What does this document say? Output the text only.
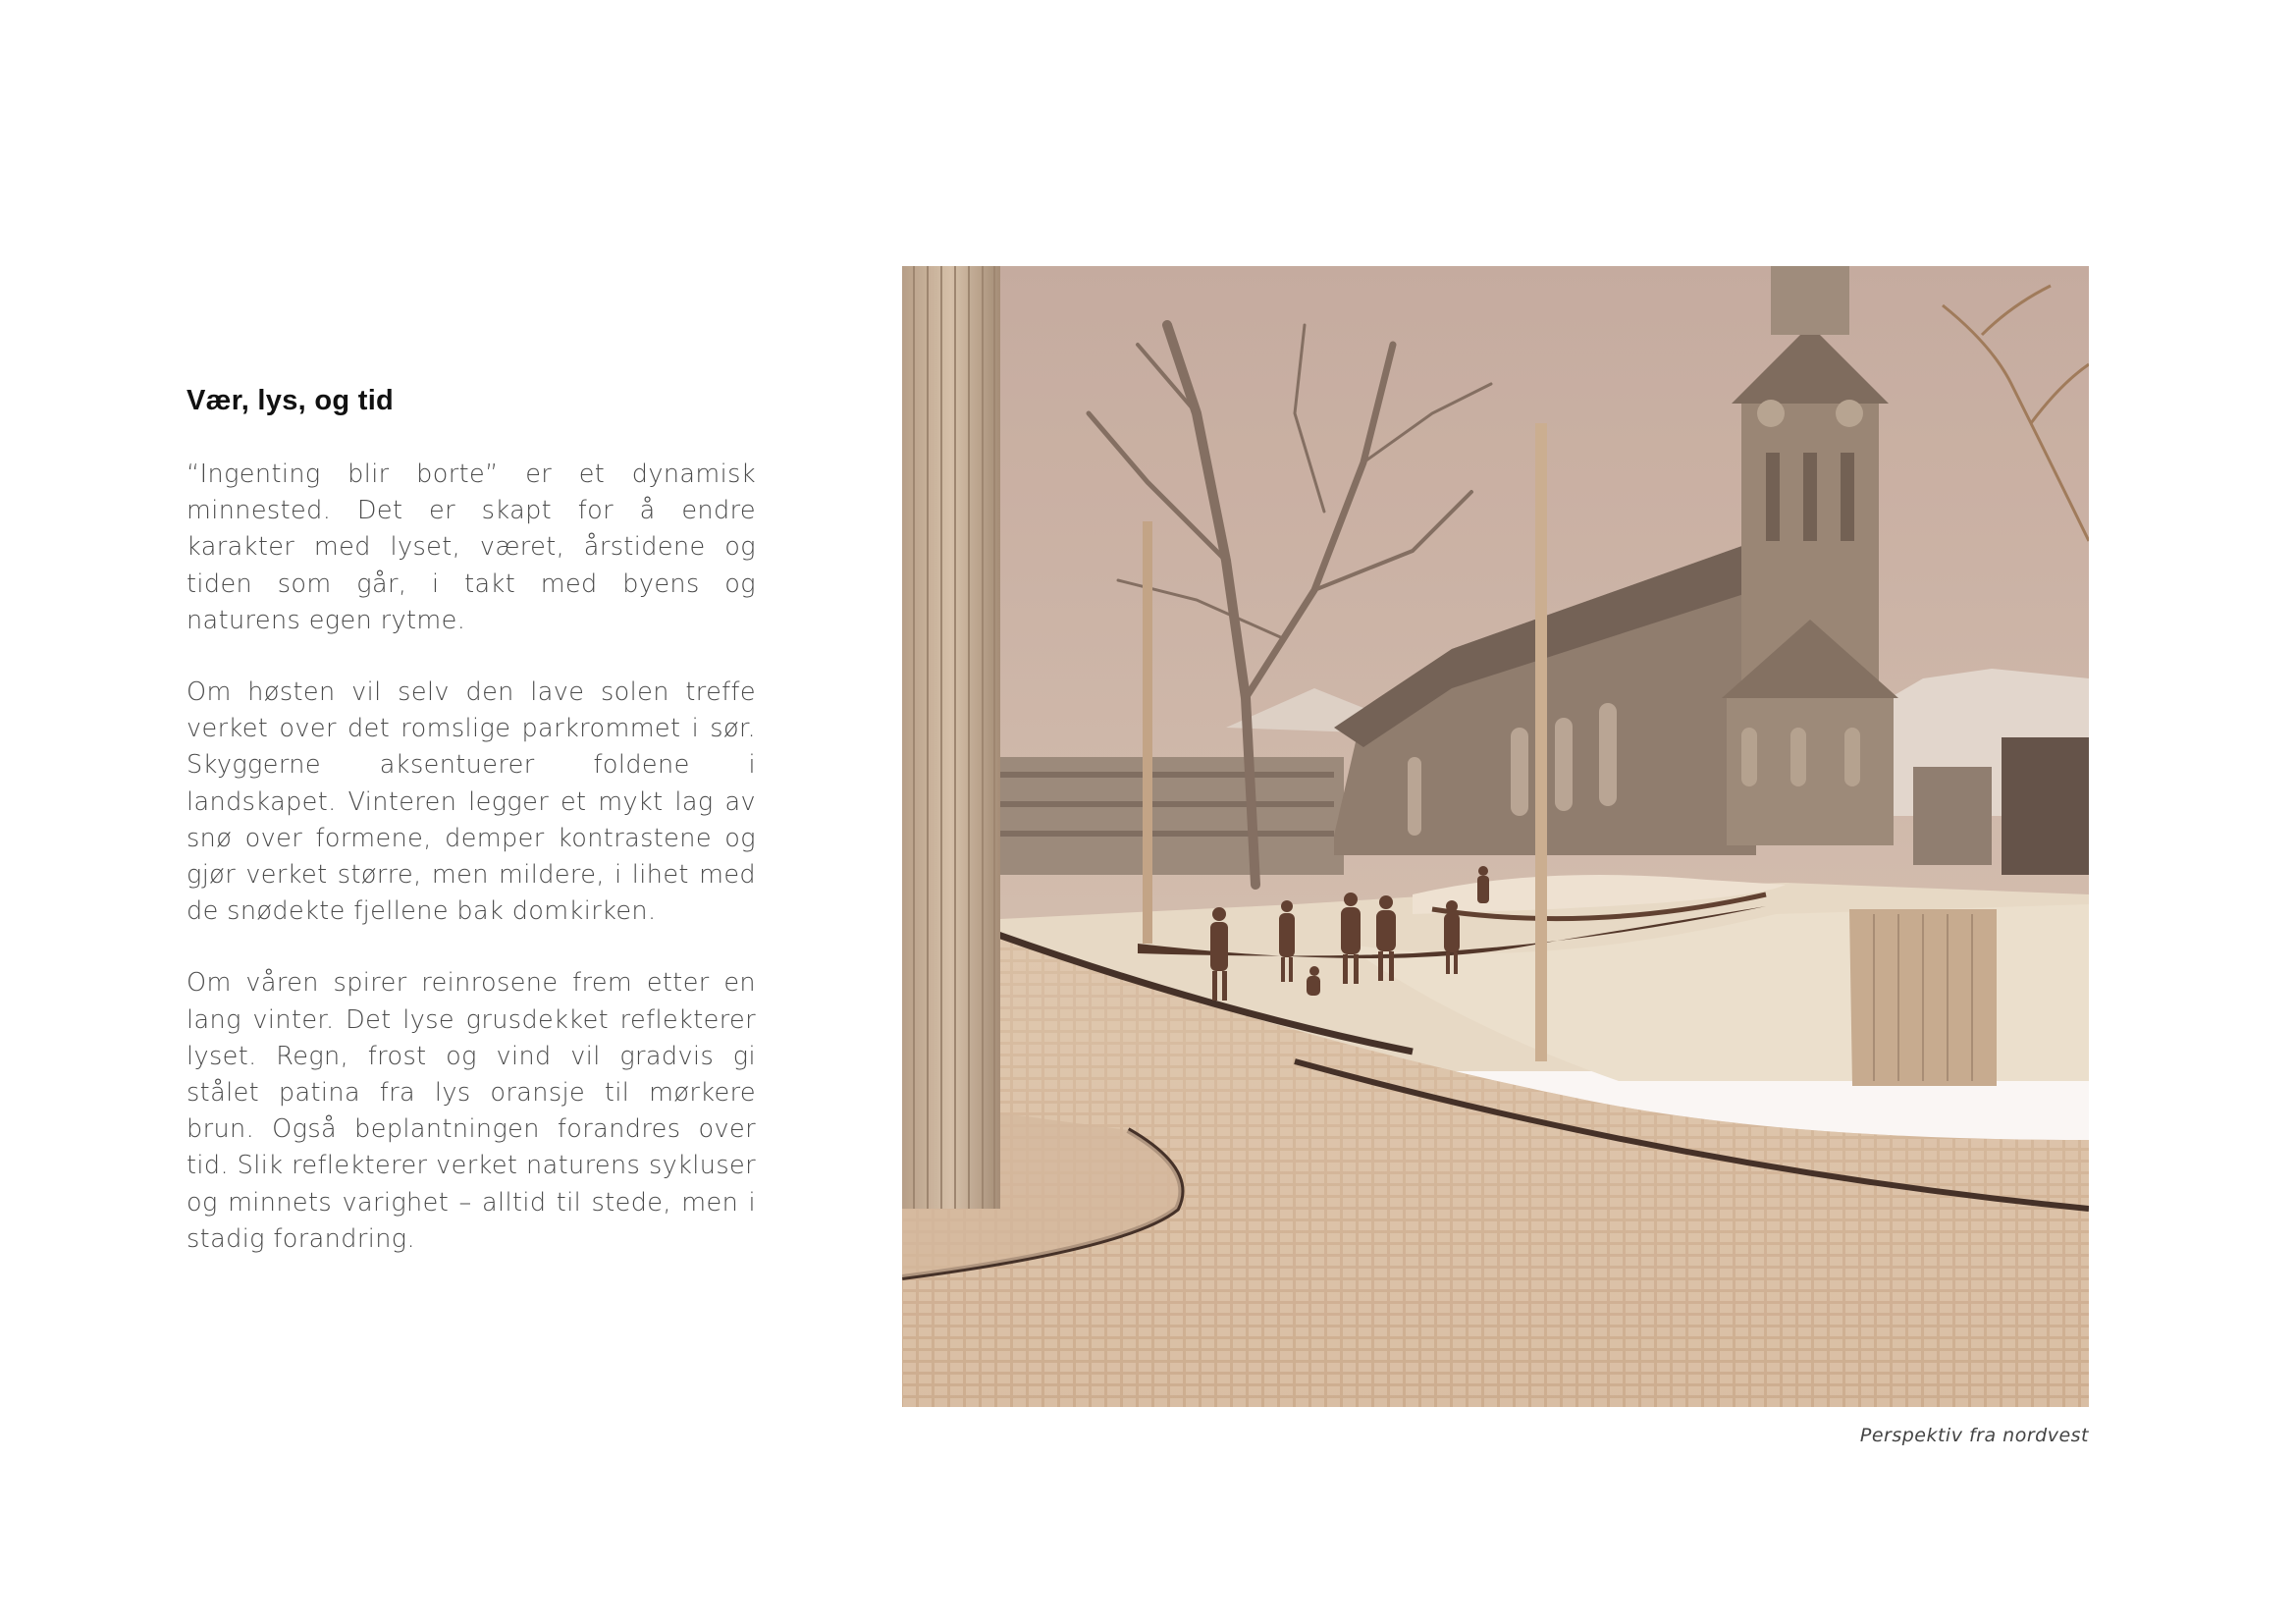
Vær, lys, og tid

“Ingenting blir borte” er et dynamisk minnested. Det er skapt for å endre karakter med lyset, været, årstidene og tiden som går, i takt med byens og naturens egen rytme.

Om høsten vil selv den lave solen treffe verket over det romslige parkrommet i sør. Skyggerne aksentuerer foldene i landskapet. Vinteren legger et mykt lag av snø over formene, demper kontrastene og gjør verket større, men mildere, i lihet med de snødekte fjellene bak domkirken.

Om våren spirer reinrosene frem etter en lang vinter. Det lyse grusdekket reflekterer lyset. Regn, frost og vind vil gradvis gi stålet patina fra lys oransje til mørkere brun. Også beplantningen forandres over tid. Slik reflekterer verket naturens sykluser og minnets varighet – alltid til stede, men i stadig forandring.

Perspektiv fra nordvest
